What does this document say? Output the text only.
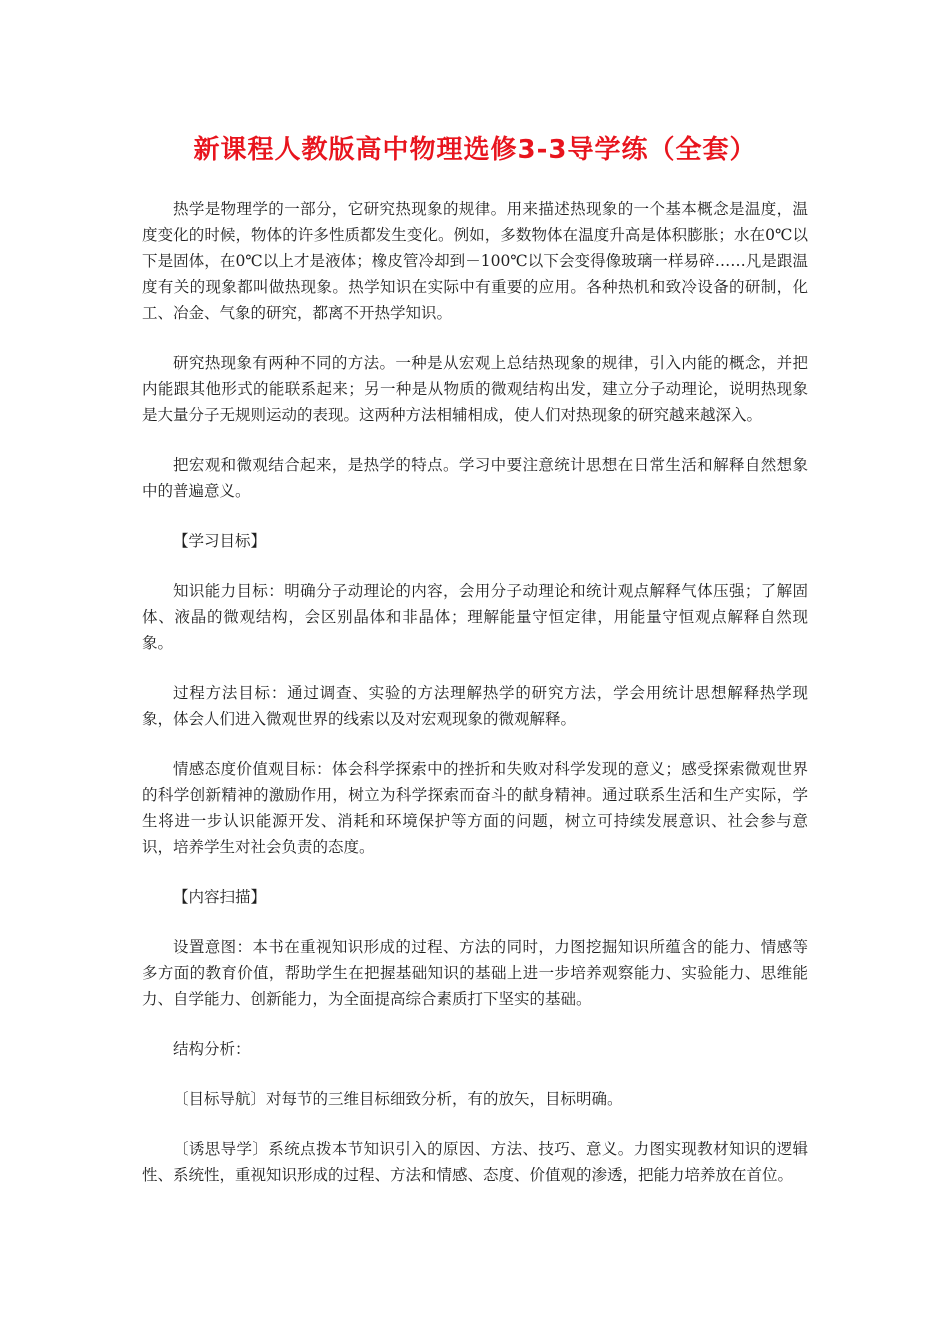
新课程人教版高中物理选修3-3导学练（全套）

热学是物理学的一部分，它研究热现象的规律。用来描述热现象的一个基本概念是温度，温度变化的时候，物体的许多性质都发生变化。例如，多数物体在温度升高是体积膨胀；水在0℃以下是固体，在0℃以上才是液体；橡皮管冷却到－100℃以下会变得像玻璃一样易碎……凡是跟温度有关的现象都叫做热现象。热学知识在实际中有重要的应用。各种热机和致冷设备的研制，化工、冶金、气象的研究，都离不开热学知识。

研究热现象有两种不同的方法。一种是从宏观上总结热现象的规律，引入内能的概念，并把内能跟其他形式的能联系起来；另一种是从物质的微观结构出发，建立分子动理论，说明热现象是大量分子无规则运动的表现。这两种方法相辅相成，使人们对热现象的研究越来越深入。

把宏观和微观结合起来，是热学的特点。学习中要注意统计思想在日常生活和解释自然想象中的普遍意义。

【学习目标】

知识能力目标：明确分子动理论的内容，会用分子动理论和统计观点解释气体压强；了解固体、液晶的微观结构，会区别晶体和非晶体；理解能量守恒定律，用能量守恒观点解释自然现象。

过程方法目标：通过调查、实验的方法理解热学的研究方法，学会用统计思想解释热学现象，体会人们进入微观世界的线索以及对宏观现象的微观解释。

情感态度价值观目标：体会科学探索中的挫折和失败对科学发现的意义；感受探索微观世界的科学创新精神的激励作用，树立为科学探索而奋斗的献身精神。通过联系生活和生产实际，学生将进一步认识能源开发、消耗和环境保护等方面的问题，树立可持续发展意识、社会参与意识，培养学生对社会负责的态度。

【内容扫描】

设置意图：本书在重视知识形成的过程、方法的同时，力图挖掘知识所蕴含的能力、情感等多方面的教育价值，帮助学生在把握基础知识的基础上进一步培养观察能力、实验能力、思维能力、自学能力、创新能力，为全面提高综合素质打下坚实的基础。

结构分析：

〔目标导航〕对每节的三维目标细致分析，有的放矢，目标明确。

〔诱思导学〕系统点拨本节知识引入的原因、方法、技巧、意义。力图实现教材知识的逻辑性、系统性，重视知识形成的过程、方法和情感、态度、价值观的渗透，把能力培养放在首位。
